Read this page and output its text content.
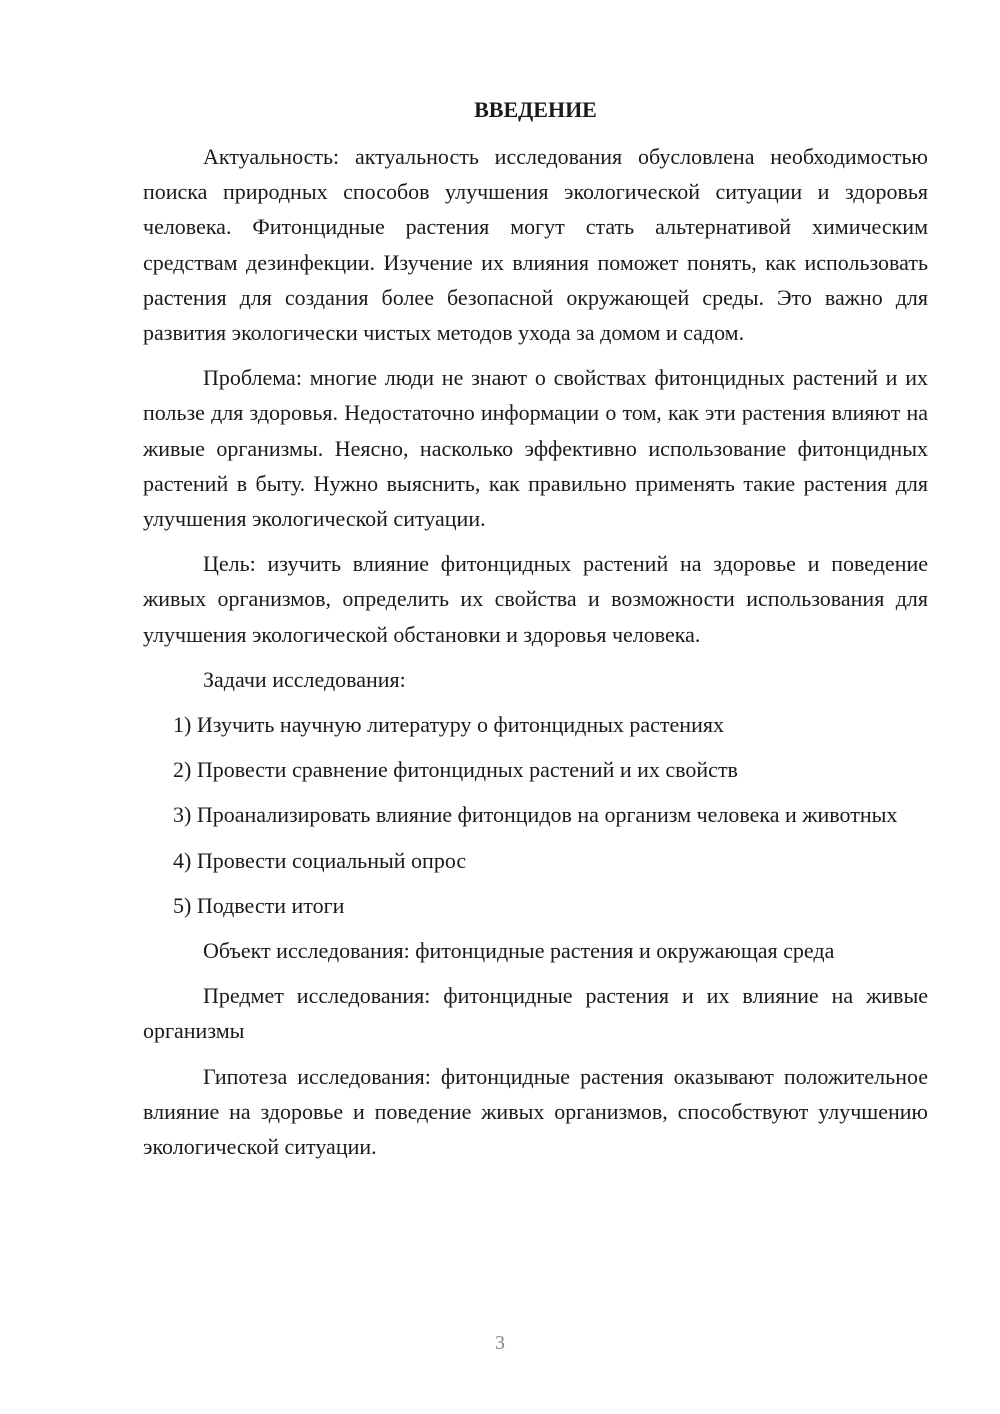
ВВЕДЕНИЕ

Актуальность: актуальность исследования обусловлена необходимостью поиска природных способов улучшения экологической ситуации и здоровья человека. Фитонцидные растения могут стать альтернативой химическим средствам дезинфекции. Изучение их влияния поможет понять, как использовать растения для создания более безопасной окружающей среды. Это важно для развития экологически чистых методов ухода за домом и садом.

Проблема: многие люди не знают о свойствах фитонцидных растений и их пользе для здоровья. Недостаточно информации о том, как эти растения влияют на живые организмы. Неясно, насколько эффективно использование фитонцидных растений в быту. Нужно выяснить, как правильно применять такие растения для улучшения экологической ситуации.

Цель: изучить влияние фитонцидных растений на здоровье и поведение живых организмов, определить их свойства и возможности использования для улучшения экологической обстановки и здоровья человека.

Задачи исследования:

1) Изучить научную литературу о фитонцидных растениях

2) Провести сравнение фитонцидных растений и их свойств

3) Проанализировать влияние фитонцидов на организм человека и животных

4) Провести социальный опрос

5) Подвести итоги

Объект исследования: фитонцидные растения и окружающая среда

Предмет исследования: фитонцидные растения и их влияние на живые организмы

Гипотеза исследования: фитонцидные растения оказывают положительное влияние на здоровье и поведение живых организмов, способствуют улучшению экологической ситуации.

3
